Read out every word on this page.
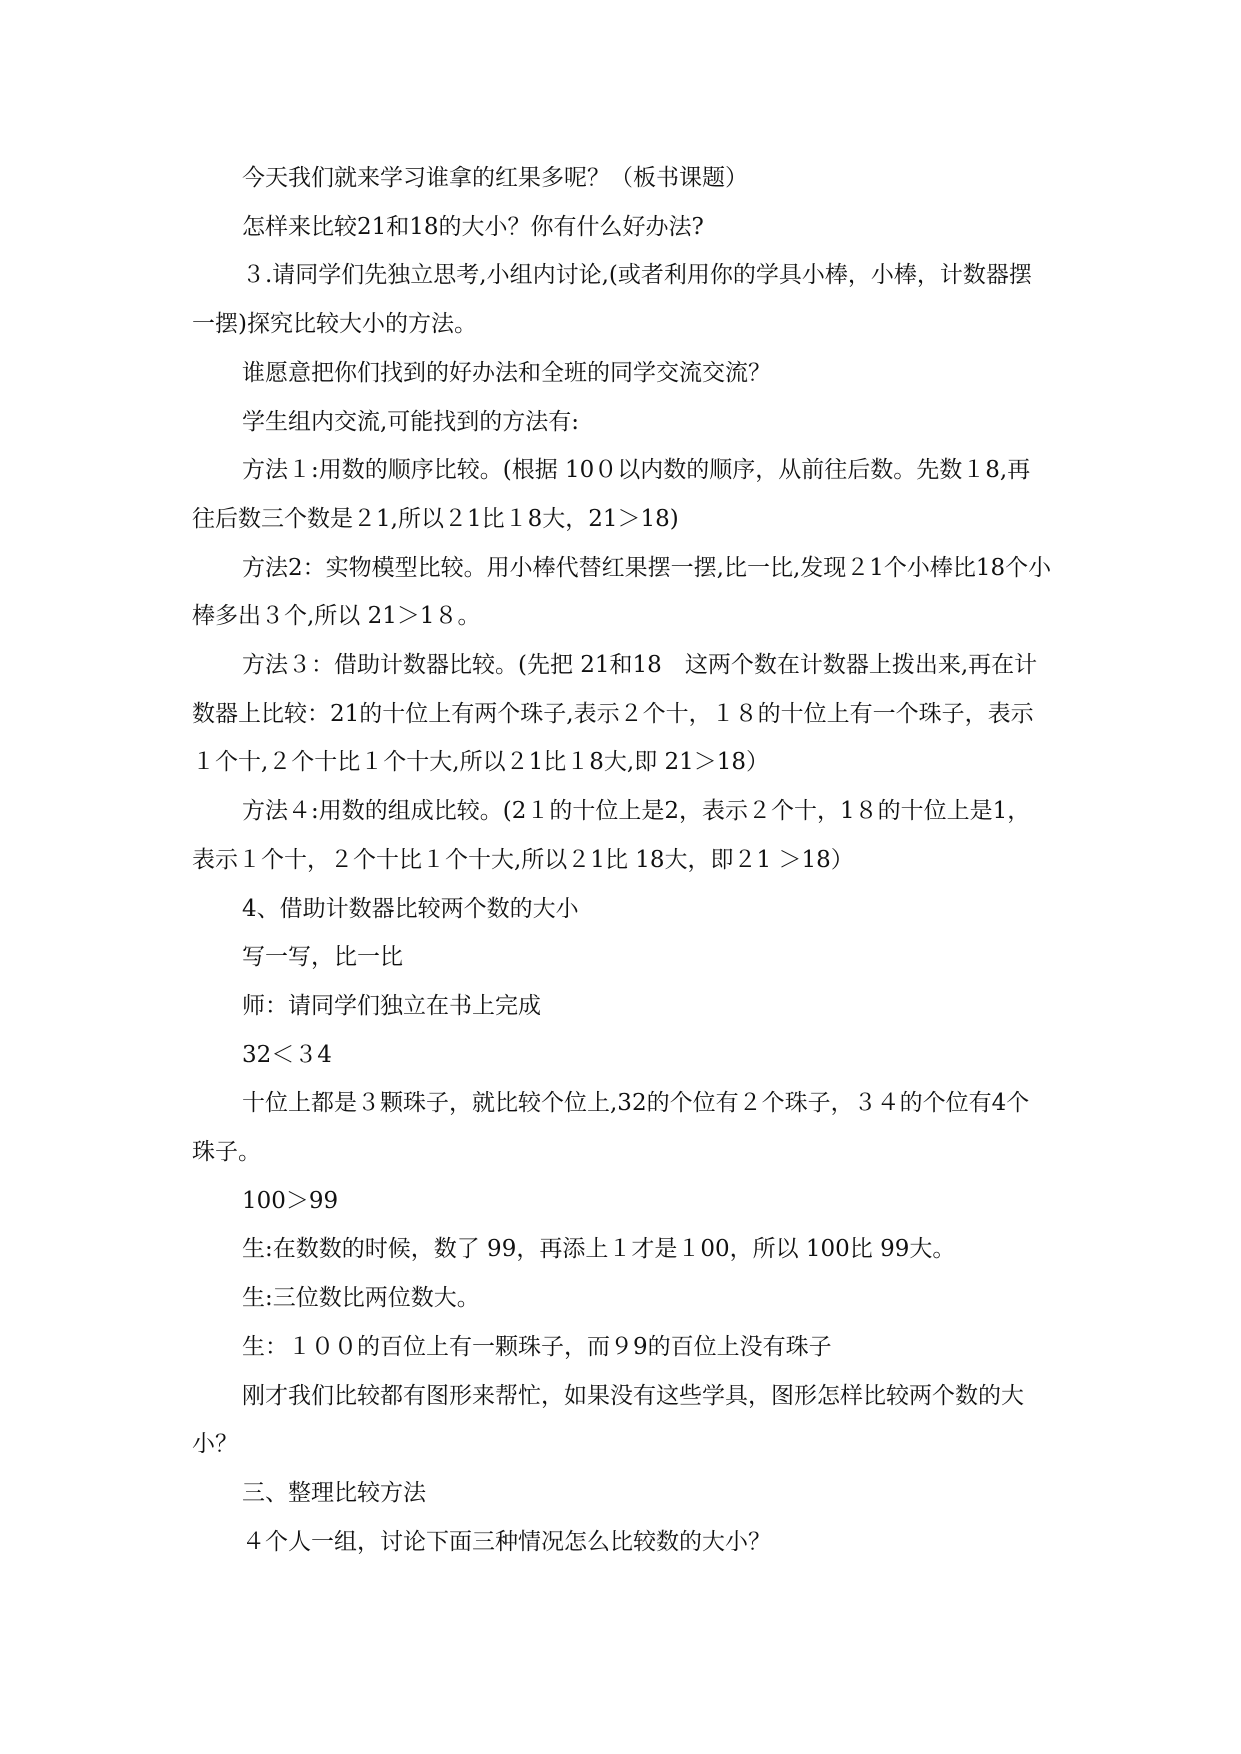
今天我们就来学习谁拿的红果多呢？（板书课题）

怎样来比较21和18的大小？你有什么好办法?

３.请同学们先独立思考,小组内讨论,(或者利用你的学具小棒，小棒，计数器摆一摆)探究比较大小的方法。

谁愿意把你们找到的好办法和全班的同学交流交流？

学生组内交流,可能找到的方法有:

方法１:用数的顺序比较。(根据 10０以内数的顺序，从前往后数。先数１8,再往后数三个数是２1,所以２1比１8大，21＞18)

方法2：实物模型比较。用小棒代替红果摆一摆,比一比,发现２1个小棒比18个小棒多出３个,所以 21＞1８。

方法３：借助计数器比较。(先把 21和18　这两个数在计数器上拨出来,再在计数器上比较：21的十位上有两个珠子,表示２个十，１８的十位上有一个珠子，表示１个十,２个十比１个十大,所以２1比１8大,即 21＞18）

方法４:用数的组成比较。(2１的十位上是2，表示２个十，1８的十位上是1，表示１个十，２个十比１个十大,所以２1比 18大，即２1 ＞18）

4、借助计数器比较两个数的大小

写一写，比一比

师：请同学们独立在书上完成

32＜３4

十位上都是３颗珠子，就比较个位上,32的个位有２个珠子，３４的个位有4个珠子。

100＞99

生:在数数的时候，数了 99，再添上１才是１00，所以 100比 99大。

生:三位数比两位数大。

生：１００的百位上有一颗珠子，而９9的百位上没有珠子

刚才我们比较都有图形来帮忙，如果没有这些学具，图形怎样比较两个数的大小？

三、整理比较方法

４个人一组，讨论下面三种情况怎么比较数的大小？
